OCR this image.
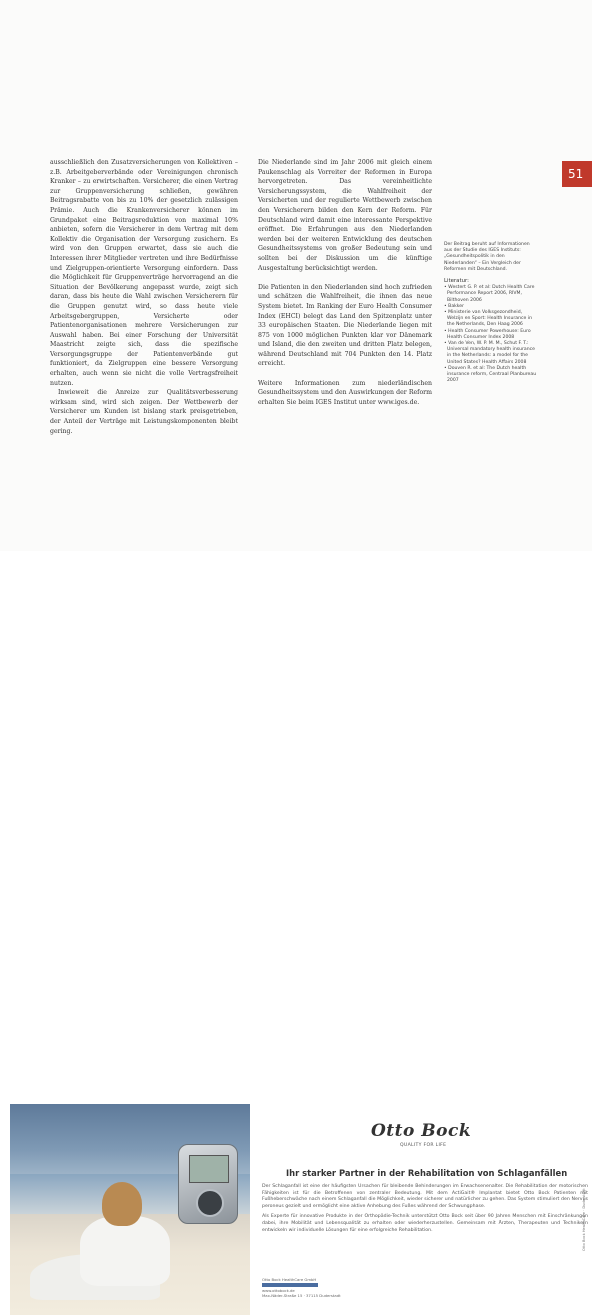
ausschließlich den Zusatzversicherungen von Kollektiven – z.B. Arbeitgeberverbände oder Vereinigungen chronisch Kranker – zu erwirtschaften. Versicherer, die einen Vertrag zur Gruppenversicherung schließen, gewähren Beitragsrabatte von bis zu 10% der gesetzlich zulässigen Prämie. Auch die Krankenversicherer können im Grundpaket eine Beitragsreduktion von maximal 10% anbieten, sofern die Versicherer in dem Vertrag mit dem Kollektiv die Organisation der Versorgung zusichern. Es wird von den Gruppen erwartet, dass sie auch die Interessen ihrer Mitglieder vertreten und ihre Bedürfnisse und Zielgruppen-orientierte Versorgung einfordern. Dass die Möglichkeit für Gruppenverträge hervorragend an die Situation der Bevölkerung angepasst wurde, zeigt sich daran, dass bis heute die Wahl zwischen Versicherern für die Gruppen genutzt wird, so dass heute viele Arbeitsgebergruppen, Versicherte oder Patientenorganisationen mehrere Versicherungen zur Auswahl haben. Bei einer Forschung der Universität Maastricht zeigte sich, dass die spezifische Versorgungsgruppe der Patientenverbände gut funktioniert, da Zielgruppen eine bessere Versorgung erhalten, auch wenn sie nicht die volle Vertragsfreiheit nutzen.

Inwieweit die Anreize zur Qualitätsverbesserung wirksam sind, wird sich zeigen. Der Wettbewerb der Versicherer um Kunden ist bislang stark preisgetrieben, der Anteil der Verträge mit Leistungskomponenten bleibt gering.

Die Niederlande sind im Jahr 2006 mit gleich einem Paukenschlag als Vorreiter der Reformen in Europa hervorgetreten. Das vereinheitlichte Versicherungssystem, die Wahlfreiheit der Versicherten und der regulierte Wettbewerb zwischen den Versicherern bilden den Kern der Reform. Für Deutschland wird damit eine interessante Perspektive eröffnet. Die Erfahrungen aus den Niederlanden werden bei der weiteren Entwicklung des deutschen Gesundheitssystems von großer Bedeutung sein und sollten bei der Diskussion um die künftige Ausgestaltung berücksichtigt werden.

Die Patienten in den Niederlanden sind hoch zufrieden und schätzen die Wahlfreiheit, die ihnen das neue System bietet. Im Ranking der Euro Health Consumer Index (EHCI) belegt das Land den Spitzenplatz unter 33 europäischen Staaten. Die Niederlande liegen mit 875 von 1000 möglichen Punkten klar vor Dänemark und Island, die den zweiten und dritten Platz belegen, während Deutschland mit 704 Punkten den 14. Platz erreicht.

Weitere Informationen zum niederländischen Gesundheitssystem und den Auswirkungen der Reform erhalten Sie beim IGES Institut unter www.iges.de.

51

Der Beitrag beruht auf Informationen aus der Studie des IGES Instituts: „Gesundheitspolitik in den Niederlanden“ – Ein Vergleich der Reformen mit Deutschland.

Literatur:
• Westert G. P. et al: Dutch Health Care Performance Report 2006, RIVM, Bilthoven 2006
• Bakker
• Ministerie van Volksgezondheid, Welzijn en Sport: Health Insurance in the Netherlands, Den Haag 2006
• Health Consumer Powerhouse: Euro Health Consumer Index 2008
• Van de Ven, W. P. M. M., Schut F. T.: Universal mandatory health insurance in the Netherlands: a model for the United States? Health Affairs 2008
• Douven R. et al: The Dutch health insurance reform, Centraal Planbureau 2007
Otto Bock
QUALITY FOR LIFE
Ihr starker Partner in der Rehabilitation von Schlaganfällen

Der Schlaganfall ist eine der häufigsten Ursachen für bleibende Behinderungen im Erwachsenenalter. Die Rehabilitation der motorischen Fähigkeiten ist für die Betroffenen von zentraler Bedeutung. Mit dem ActiGait® Implantat bietet Otto Bock Patienten mit Fußheberschwäche nach einem Schlaganfall die Möglichkeit, wieder sicherer und natürlicher zu gehen. Das System stimuliert den Nervus peroneus gezielt und ermöglicht eine aktive Anhebung des Fußes während der Schwungphase.

Als Experte für innovative Produkte in der Orthopädie-Technik unterstützt Otto Bock seit über 90 Jahren Menschen mit Einschränkungen dabei, ihre Mobilität und Lebensqualität zu erhalten oder wiederherzustellen. Gemeinsam mit Ärzten, Therapeuten und Technikern entwickeln wir individuelle Lösungen für eine erfolgreiche Rehabilitation.

Otto Bock HealthCare GmbH
www.ottobock.de
Max-Näder-Straße 15 · 37115 Duderstadt
Otto Bock HealthCare · Duderstadt
